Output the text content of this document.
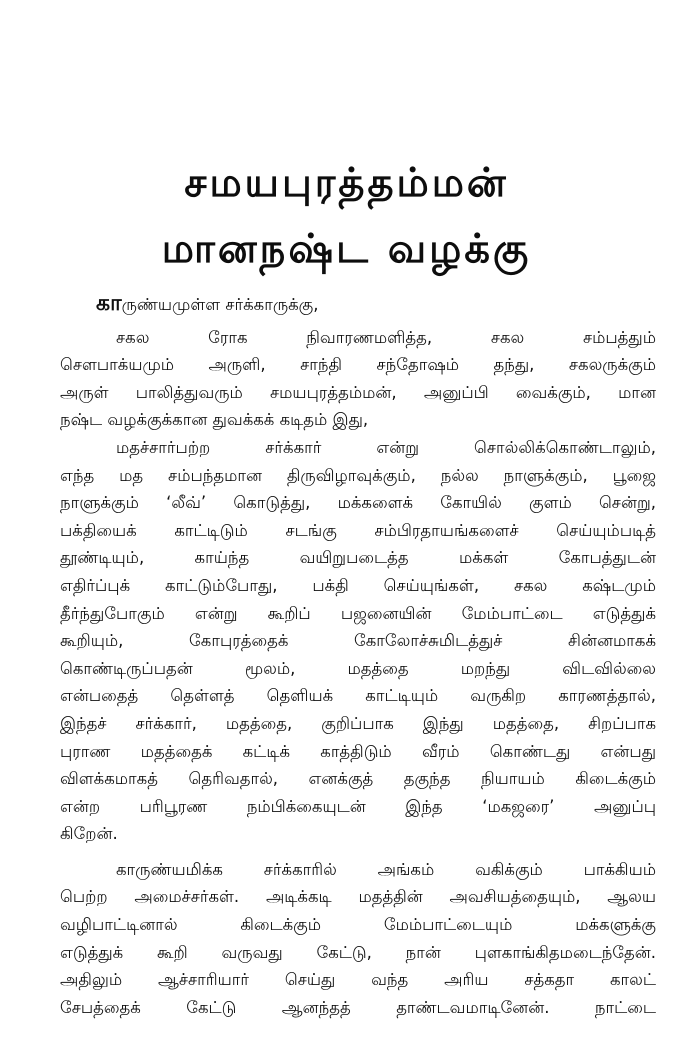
சமயபுரத்தம்மன்
மானநஷ்ட வழக்கு
காருண்யமுள்ள சர்க்காருக்கு,
சகல ரோக நிவாரணமளித்த, சகல சம்பத்தும்
சௌபாக்யமும் அருளி, சாந்தி சந்தோஷம் தந்து, சகலருக்கும்
அருள் பாலித்துவரும் சமயபுரத்தம்மன், அனுப்பி வைக்கும், மான
நஷ்ட வழக்குக்கான துவக்கக் கடிதம் இது,
மதச்சார்பற்ற சர்க்கார் என்று சொல்லிக்கொண்டாலும்,
எந்த மத சம்பந்தமான திருவிழாவுக்கும், நல்ல நாளுக்கும், பூஜை
நாளுக்கும் ‘லீவ்’ கொடுத்து, மக்களைக் கோயில் குளம் சென்று,
பக்தியைக் காட்டிடும் சடங்கு சம்பிரதாயங்களைச் செய்யும்படித்
தூண்டியும், காய்ந்த வயிறுபடைத்த மக்கள் கோபத்துடன்
எதிர்ப்புக் காட்டும்போது, பக்தி செய்யுங்கள், சகல கஷ்டமும்
தீர்ந்துபோகும் என்று கூறிப் பஜனையின் மேம்பாட்டை எடுத்துக்
கூறியும், கோபுரத்தைக் கோலோச்சுமிடத்துச் சின்னமாகக்
கொண்டிருப்பதன் மூலம், மதத்தை மறந்து விடவில்லை
என்பதைத் தெள்ளத் தெளியக் காட்டியும் வருகிற காரணத்தால்,
இந்தச் சர்க்கார், மதத்தை, குறிப்பாக இந்து மதத்தை, சிறப்பாக
புராண மதத்தைக் கட்டிக் காத்திடும் வீரம் கொண்டது என்பது
விளக்கமாகத் தெரிவதால், எனக்குத் தகுந்த நியாயம் கிடைக்கும்
என்ற பரிபூரண நம்பிக்கையுடன் இந்த ‘மகஜரை’ அனுப்பு
கிறேன்.
காருண்யமிக்க சர்க்காரில் அங்கம் வகிக்கும் பாக்கியம்
பெற்ற அமைச்சர்கள். அடிக்கடி மதத்தின் அவசியத்தையும், ஆலய
வழிபாட்டினால் கிடைக்கும் மேம்பாட்டையும் மக்களுக்கு
எடுத்துக் கூறி வருவது கேட்டு, நான் புளகாங்கிதமடைந்தேன்.
அதிலும் ஆச்சாரியார் செய்து வந்த அரிய சத்கதா காலட்
சேபத்தைக் கேட்டு ஆனந்தத் தாண்டவமாடினேன். நாட்டை
